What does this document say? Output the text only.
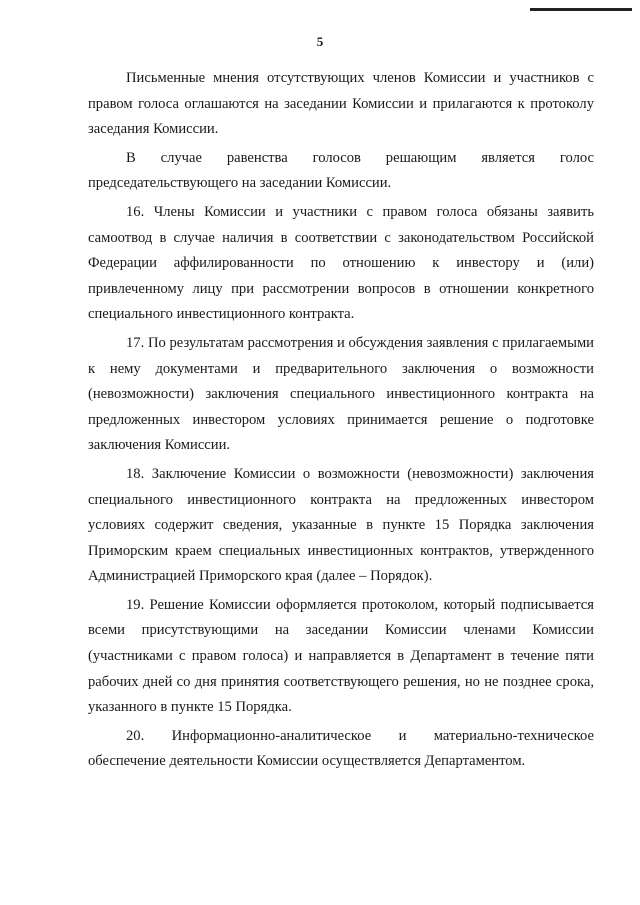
5

Письменные мнения отсутствующих членов Комиссии и участников с правом голоса оглашаются на заседании Комиссии и прилагаются к протоколу заседания Комиссии.

В случае равенства голосов решающим является голос председательствующего на заседании Комиссии.

16. Члены Комиссии и участники с правом голоса обязаны заявить самоотвод в случае наличия в соответствии с законодательством Российской Федерации аффилированности по отношению к инвестору и (или) привлеченному лицу при рассмотрении вопросов в отношении конкретного специального инвестиционного контракта.

17. По результатам рассмотрения и обсуждения заявления с прилагаемыми к нему документами и предварительного заключения о возможности (невозможности) заключения специального инвестиционного контракта на предложенных инвестором условиях принимается решение о подготовке заключения Комиссии.

18. Заключение Комиссии о возможности (невозможности) заключения специального инвестиционного контракта на предложенных инвестором условиях содержит сведения, указанные в пункте 15 Порядка заключения Приморским краем специальных инвестиционных контрактов, утвержденного Администрацией Приморского края (далее – Порядок).

19. Решение Комиссии оформляется протоколом, который подписывается всеми присутствующими на заседании Комиссии членами Комиссии (участниками с правом голоса) и направляется в Департамент в течение пяти рабочих дней со дня принятия соответствующего решения, но не позднее срока, указанного в пункте 15 Порядка.

20. Информационно-аналитическое и материально-техническое обеспечение деятельности Комиссии осуществляется Департаментом.
